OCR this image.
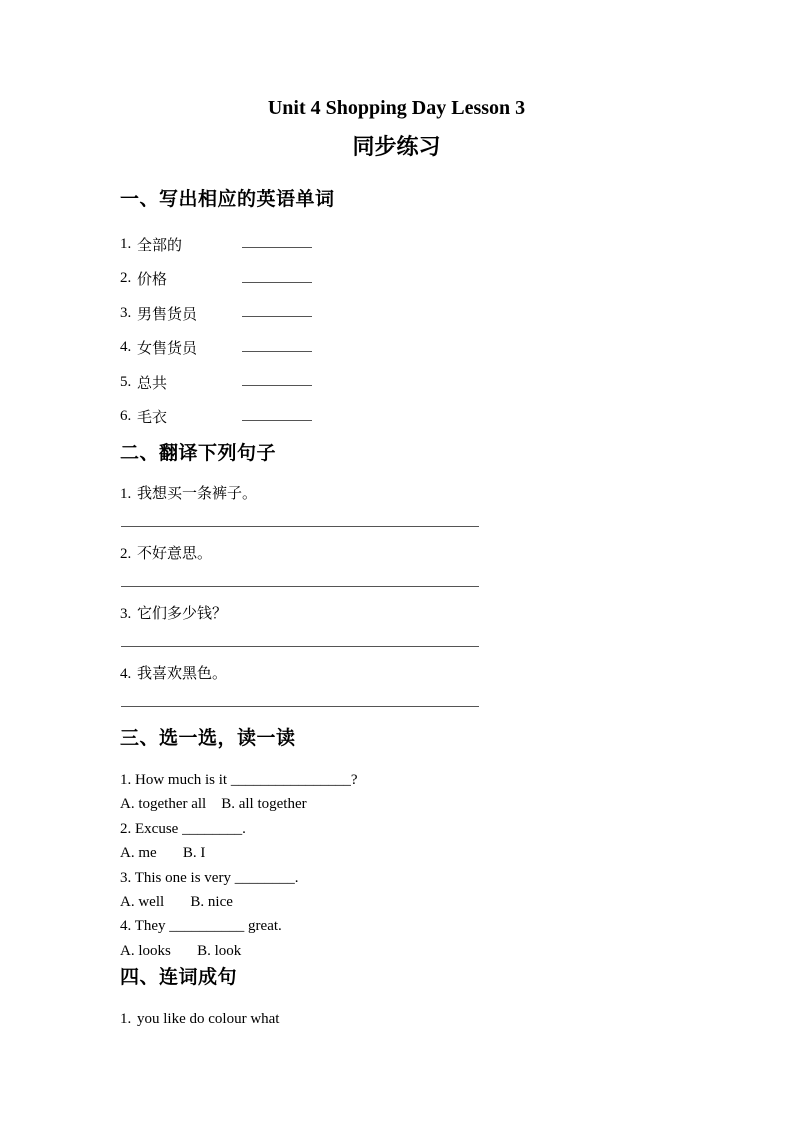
Unit 4 Shopping Day Lesson 3
同步练习
一、写出相应的英语单词
1. 全部的
2. 价格
3. 男售货员
4. 女售货员
5. 总共
6. 毛衣
二、翻译下列句子
1. 我想买一条裤子。
2. 不好意思。
3. 它们多少钱？
4. 我喜欢黑色。
三、选一选，读一读
1. How much is it ________________?
A. together all    B. all together
2. Excuse ________.
A. me       B. I
3. This one is very ________.
A. well       B. nice
4. They __________ great.
A. looks       B. look
四、连词成句
1. you like do colour what
